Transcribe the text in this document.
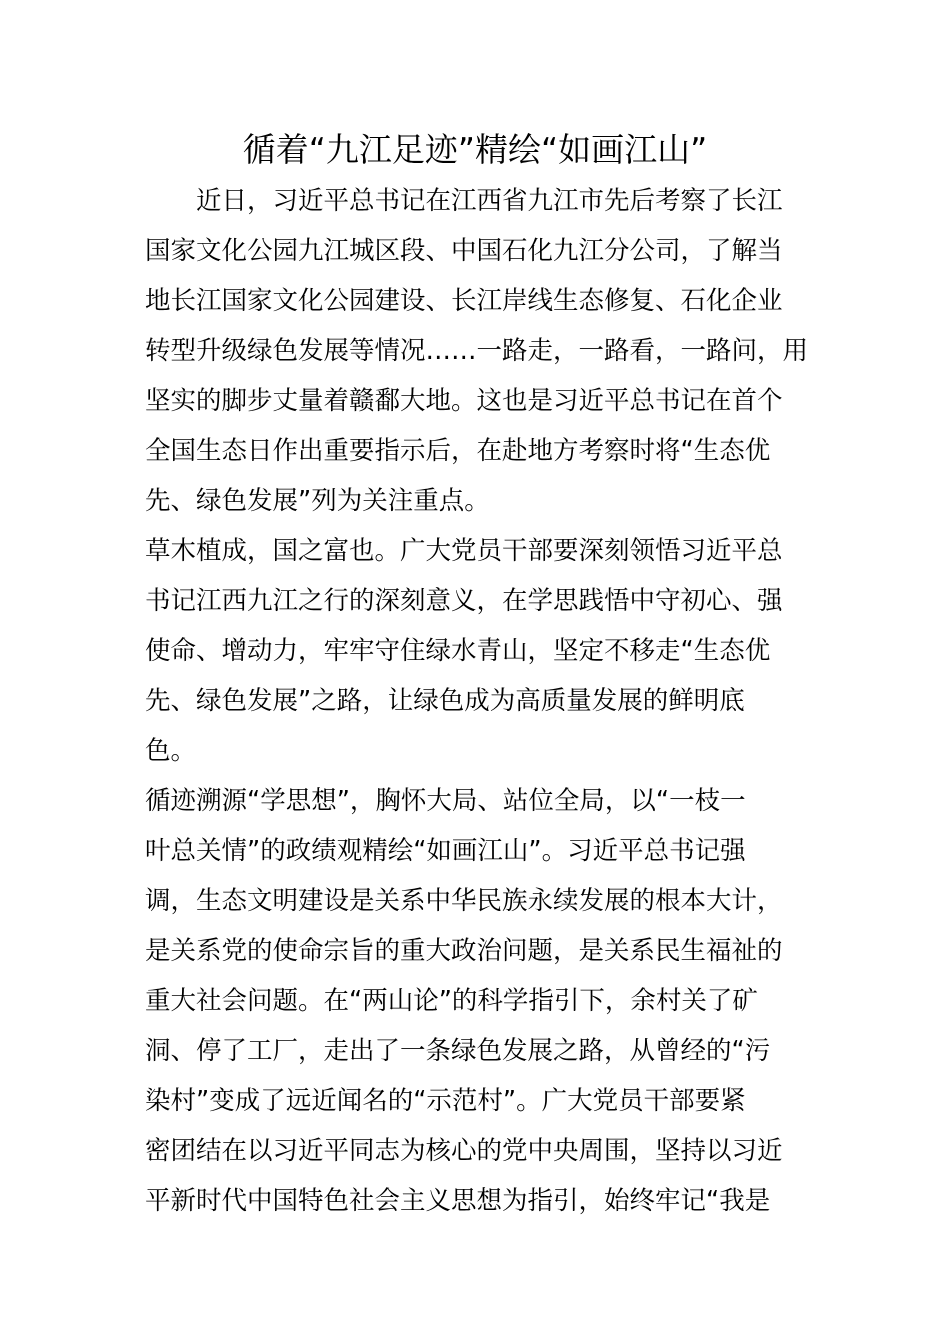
循着“九江足迹”精绘“如画江山”
　　近日，习近平总书记在江西省九江市先后考察了长江
国家文化公园九江城区段、中国石化九江分公司，了解当
地长江国家文化公园建设、长江岸线生态修复、石化企业
转型升级绿色发展等情况……一路走，一路看，一路问，用
坚实的脚步丈量着赣鄱大地。这也是习近平总书记在首个
全国生态日作出重要指示后，在赴地方考察时将“生态优
先、绿色发展”列为关注重点。
草木植成，国之富也。广大党员干部要深刻领悟习近平总
书记江西九江之行的深刻意义，在学思践悟中守初心、强
使命、增动力，牢牢守住绿水青山，坚定不移走“生态优
先、绿色发展”之路，让绿色成为高质量发展的鲜明底
色。
循迹溯源“学思想”，胸怀大局、站位全局，以“一枝一
叶总关情”的政绩观精绘“如画江山”。习近平总书记强
调，生态文明建设是关系中华民族永续发展的根本大计，
是关系党的使命宗旨的重大政治问题，是关系民生福祉的
重大社会问题。在“两山论”的科学指引下，余村关了矿
洞、停了工厂，走出了一条绿色发展之路，从曾经的“污
染村”变成了远近闻名的“示范村”。广大党员干部要紧
密团结在以习近平同志为核心的党中央周围，坚持以习近
平新时代中国特色社会主义思想为指引，始终牢记“我是
